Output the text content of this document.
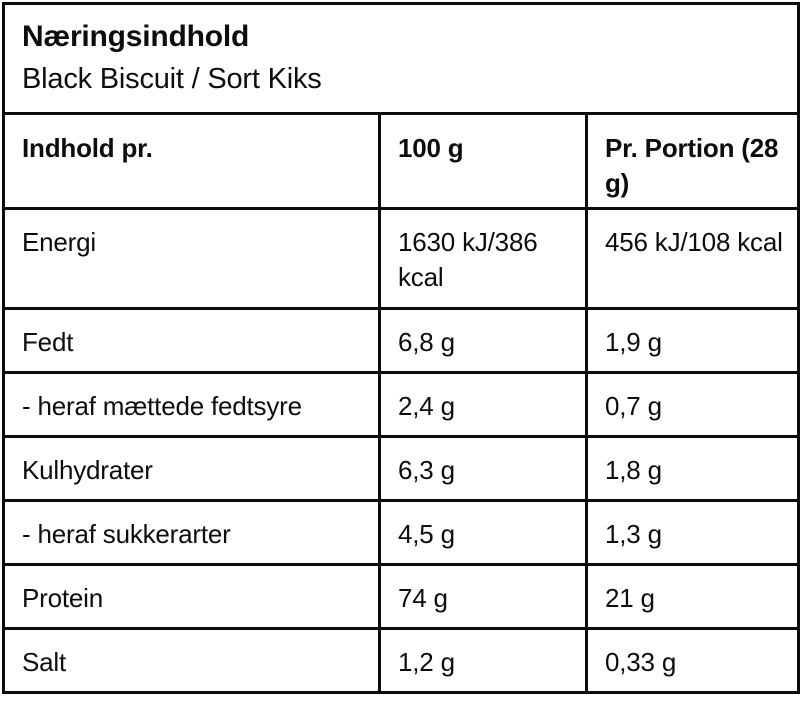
Næringsindhold
Black Biscuit / Sort Kiks		

Indhold pr.	100 g	Pr. Portion (28 g)
Energi	1630 kJ/386 kcal	456 kJ/108 kcal
Fedt	6,8 g	1,9 g
- heraf mættede fedtsyre	2,4 g	0,7 g
Kulhydrater	6,3 g	1,8 g
- heraf sukkerarter	4,5 g	1,3 g
Protein	74 g	21 g
Salt	1,2 g	0,33 g
